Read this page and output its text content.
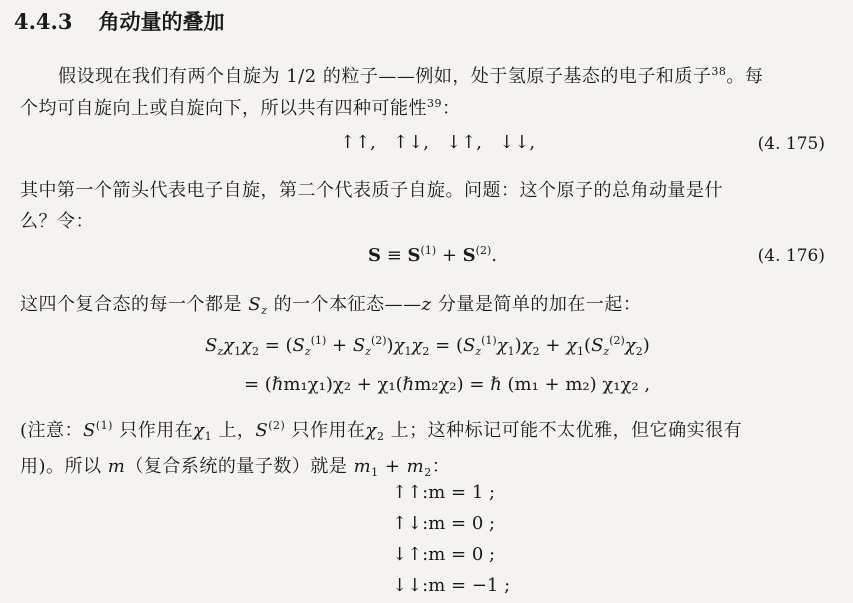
4.4.3 角动量的叠加
假设现在我们有两个自旋为 1/2 的粒子——例如，处于氢原子基态的电子和质子$^{38}$。每
个均可自旋向上或自旋向下，所以共有四种可能性$^{39}$：
↑↑,   ↑↓,   ↓↑,   ↓↓,	(4. 175)
其中第一个箭头代表电子自旋，第二个代表质子自旋。问题：这个原子的总角动量是什
么？令：
$S \equiv S^{(1)} + S^{(2)}$.	(4. 176)
这四个复合态的每一个都是 $S_z$ 的一个本征态——z 分量是简单的加在一起：
$S_z\chi_1\chi_2 = (S_z^{(1)} + S_z^{(2)})\chi_1\chi_2 = (S_z^{(1)}\chi_1)\chi_2 + \chi_1(S_z^{(2)}\chi_2)$
= (ℏm₁χ₁)χ₂ + χ₁(ℏm₂χ₂) = ℏ (m₁ + m₂) χ₁χ₂ ,
(注意：$S^{(1)}$ 只作用在$\chi_1$ 上，$S^{(2)}$ 只作用在$\chi_2$ 上；这种标记可能不太优雅，但它确实很有
用)。所以 m（复合系统的量子数）就是 $m_1 + m_2$：
↑↑:m = 1 ;
↑↓:m = 0 ;
↓↑:m = 0 ;
↓↓:m = −1 ;
